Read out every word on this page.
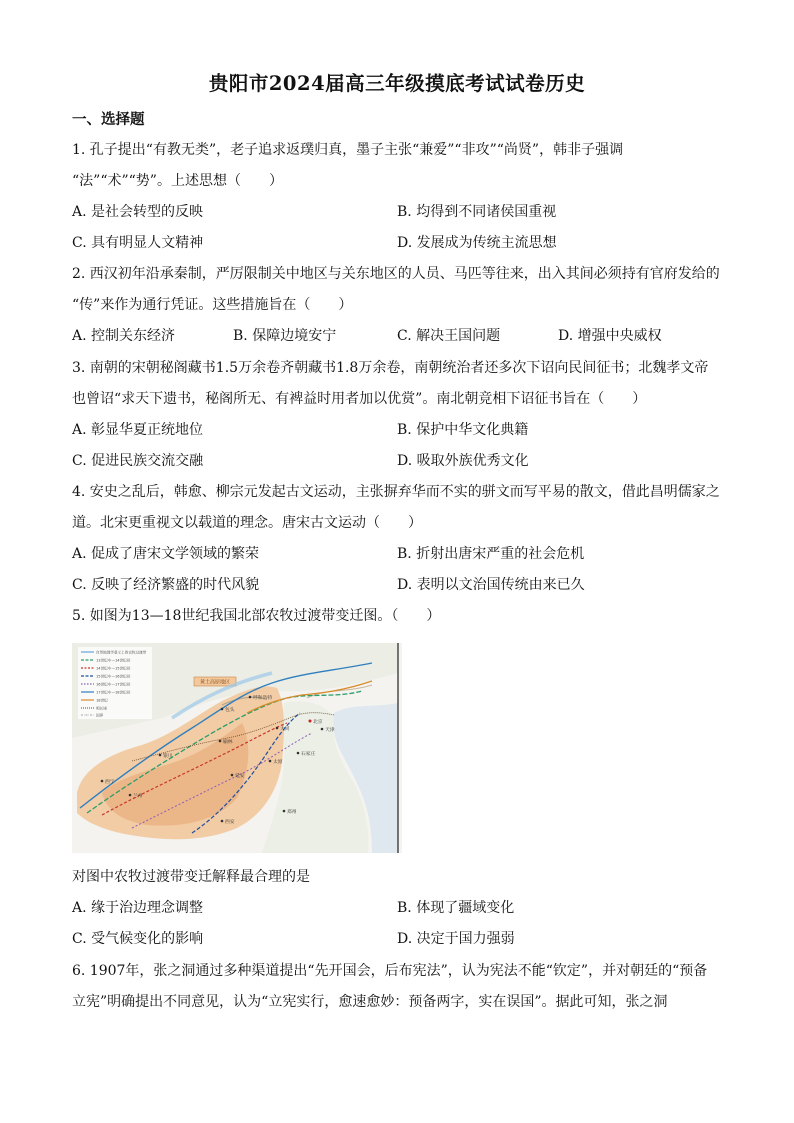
贵阳市2024届高三年级摸底考试试卷历史
一、选择题
1. 孔子提出“有教无类”，老子追求返璞归真，墨子主张“兼爱”“非攻”“尚贤”，韩非子强调
“法”“术”“势”。上述思想（　　）
A. 是社会转型的反映	B. 均得到不同诸侯国重视
C. 具有明显人文精神	D. 发展成为传统主流思想
2. 西汉初年沿承秦制，严厉限制关中地区与关东地区的人员、马匹等往来，出入其间必须持有官府发给的
“传”来作为通行凭证。这些措施旨在（　　）
A. 控制关东经济	B. 保障边境安宁	C. 解决王国问题	D. 增强中央威权
3. 南朝的宋朝秘阁藏书1.5万余卷齐朝藏书1.8万余卷，南朝统治者还多次下诏向民间征书；北魏孝文帝
也曾诏“求天下遗书，秘阁所无、有裨益时用者加以优赏”。南北朝竞相下诏征书旨在（　　）
A. 彰显华夏正统地位	B. 保护中华文化典籍
C. 促进民族交流交融	D. 吸取外族优秀文化
4. 安史之乱后，韩愈、柳宗元发起古文运动，主张摒弃华而不实的骈文而写平易的散文，借此昌明儒家之
道。北宋更重视文以载道的理念。唐宋古文运动（　　）
A. 促成了唐宋文学领域的繁荣	B. 折射出唐宋严重的社会危机
C. 反映了经济繁盛的时代风貌	D. 表明以文治国传统由来已久
5. 如图为13—18世纪我国北部农牧过渡带变迁图。（　　）
黄土高原地区
自然地理学意义上的农牧过渡带
13世纪中—14世纪初
14世纪中—15世纪初
15世纪中—16世纪初
16世纪中—17世纪初
17世纪中—18世纪初
18世纪
明长城
国界
呼和浩特
包头
北京
银川
太原
石家庄
西安
兰州
郑州
榆林
延安
大同	天津
西宁
对图中农牧过渡带变迁解释最合理的是
A. 缘于治边理念调整	B. 体现了疆域变化
C. 受气候变化的影响	D. 决定于国力强弱
6. 1907年，张之洞通过多种渠道提出“先开国会，后布宪法”，认为宪法不能“钦定”，并对朝廷的“预备
立宪”明确提出不同意见，认为“立宪实行，愈速愈妙：预备两字，实在误国”。据此可知，张之洞
